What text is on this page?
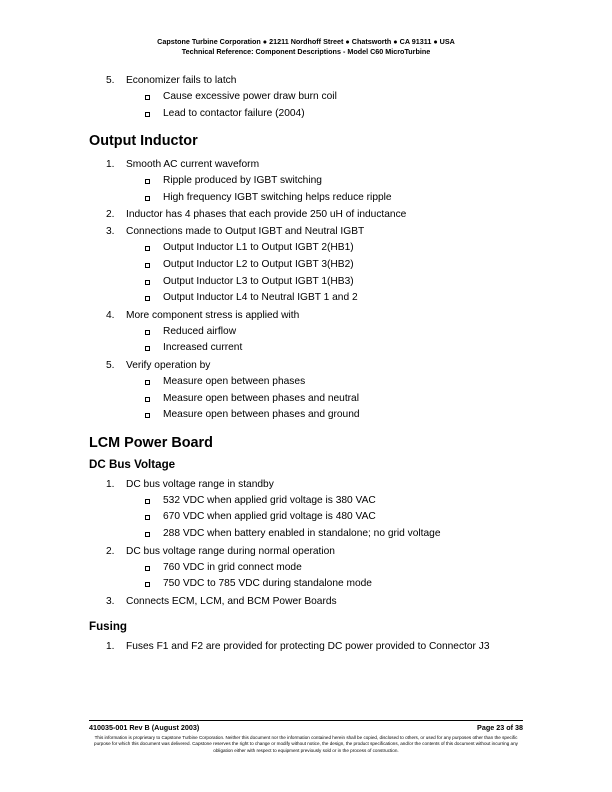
Capstone Turbine Corporation ● 21211 Nordhoff Street ● Chatsworth ● CA 91311 ● USA
Technical Reference: Component Descriptions - Model C60 MicroTurbine
5. Economizer fails to latch
Cause excessive power draw burn coil
Lead to contactor failure (2004)
Output Inductor
1. Smooth AC current waveform
Ripple produced by IGBT switching
High frequency IGBT switching helps reduce ripple
2. Inductor has 4 phases that each provide 250 uH of inductance
3. Connections made to Output IGBT and Neutral IGBT
Output Inductor L1 to Output IGBT 2(HB1)
Output Inductor L2 to Output IGBT 3(HB2)
Output Inductor L3 to Output IGBT 1(HB3)
Output Inductor L4 to Neutral IGBT 1 and 2
4. More component stress is applied with
Reduced airflow
Increased current
5. Verify operation by
Measure open between phases
Measure open between phases and neutral
Measure open between phases and ground
LCM Power Board
DC Bus Voltage
1. DC bus voltage range in standby
532 VDC when applied grid voltage is 380 VAC
670 VDC when applied grid voltage is 480 VAC
288 VDC when battery enabled in standalone; no grid voltage
2. DC bus voltage range during normal operation
760 VDC in grid connect mode
750 VDC to 785 VDC during standalone mode
3. Connects ECM, LCM, and BCM Power Boards
Fusing
1. Fuses F1 and F2 are provided for protecting DC power provided to Connector J3
410035-001 Rev B (August 2003)	Page 23 of 38
This information is proprietary to Capstone Turbine Corporation. Neither this document nor the information contained herein shall be copied, disclosed to others, or used for any purposes other than the specific purpose for which this document was delivered. Capstone reserves the right to change or modify without notice, the design, the product specifications, and/or the contents of this document without incurring any obligation either with respect to equipment previously sold or in the process of construction.
